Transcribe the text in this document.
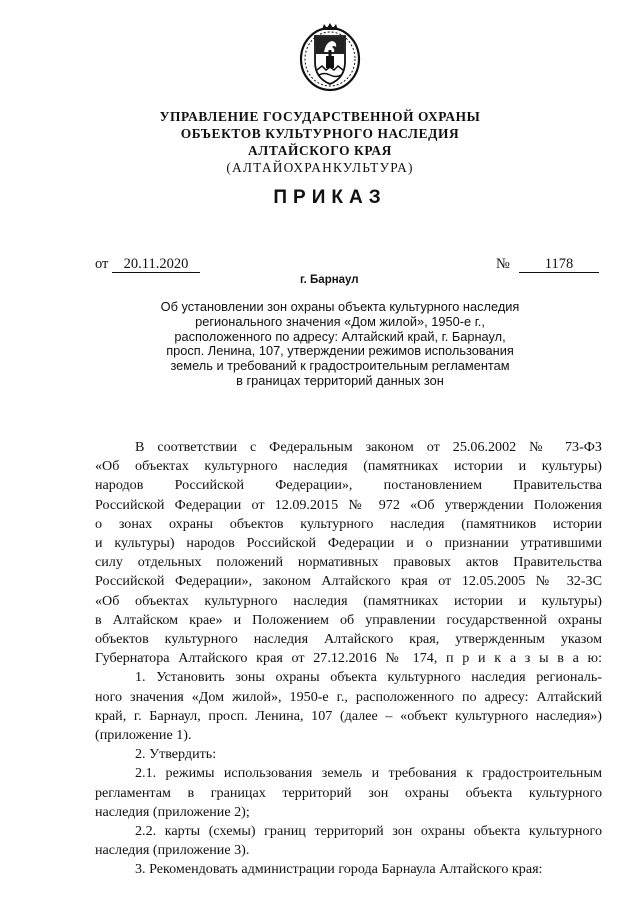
УПРАВЛЕНИЕ ГОСУДАРСТВЕННОЙ ОХРАНЫ
ОБЪЕКТОВ КУЛЬТУРНОГО НАСЛЕДИЯ
АЛТАЙСКОГО КРАЯ
(АЛТАЙОХРАНКУЛЬТУРА)
ПРИКАЗ
от	20.11.2020	№	1178
г. Барнаул
Об установлении зон охраны объекта культурного наследия
регионального значения «Дом жилой», 1950-е г.,
расположенного по адресу: Алтайский край, г. Барнаул,
просп. Ленина, 107, утверждении режимов использования
земель и требований к градостроительным регламентам
в границах территорий данных зон
В соответствии с Федеральным законом от 25.06.2002 № 73-ФЗ
«Об объектах культурного наследия (памятниках истории и культуры)
народов Российской Федерации», постановлением Правительства
Российской Федерации от 12.09.2015 № 972 «Об утверждении Положения
о зонах охраны объектов культурного наследия (памятников истории
и культуры) народов Российской Федерации и о признании утратившими
силу отдельных положений нормативных правовых актов Правительства
Российской Федерации», законом Алтайского края от 12.05.2005 № 32-ЗС
«Об объектах культурного наследия (памятниках истории и культуры)
в Алтайском крае» и Положением об управлении государственной охраны
объектов культурного наследия Алтайского края, утвержденным указом
Губернатора Алтайского края от 27.12.2016 № 174, п р и к а з ы в а ю:
1. Установить зоны охраны объекта культурного наследия региональ-
ного значения «Дом жилой», 1950-е г., расположенного по адресу: Алтайский
край, г. Барнаул, просп. Ленина, 107 (далее – «объект культурного наследия»)
(приложение 1).
2. Утвердить:
2.1. режимы использования земель и требования к градостроительным
регламентам в границах территорий зон охраны объекта культурного
наследия (приложение 2);
2.2. карты (схемы) границ территорий зон охраны объекта культурного
наследия (приложение 3).
3. Рекомендовать администрации города Барнаула Алтайского края:
